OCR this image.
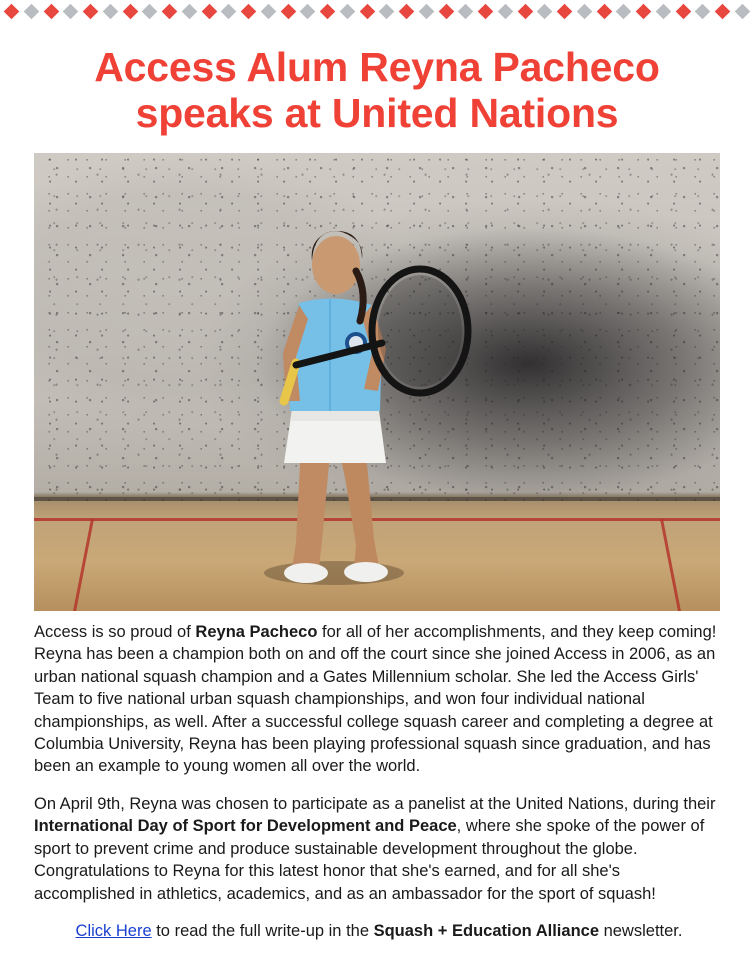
Access Alum Reyna Pacheco speaks at United Nations

Access is so proud of Reyna Pacheco for all of her accomplishments, and they keep coming! Reyna has been a champion both on and off the court since she joined Access in 2006, as an urban national squash champion and a Gates Millennium scholar. She led the Access Girls' Team to five national urban squash championships, and won four individual national championships, as well. After a successful college squash career and completing a degree at Columbia University, Reyna has been playing professional squash since graduation, and has been an example to young women all over the world.

On April 9th, Reyna was chosen to participate as a panelist at the United Nations, during their International Day of Sport for Development and Peace, where she spoke of the power of sport to prevent crime and produce sustainable development throughout the globe. Congratulations to Reyna for this latest honor that she's earned, and for all she's accomplished in athletics, academics, and as an ambassador for the sport of squash!

Click Here to read the full write-up in the Squash + Education Alliance newsletter.
